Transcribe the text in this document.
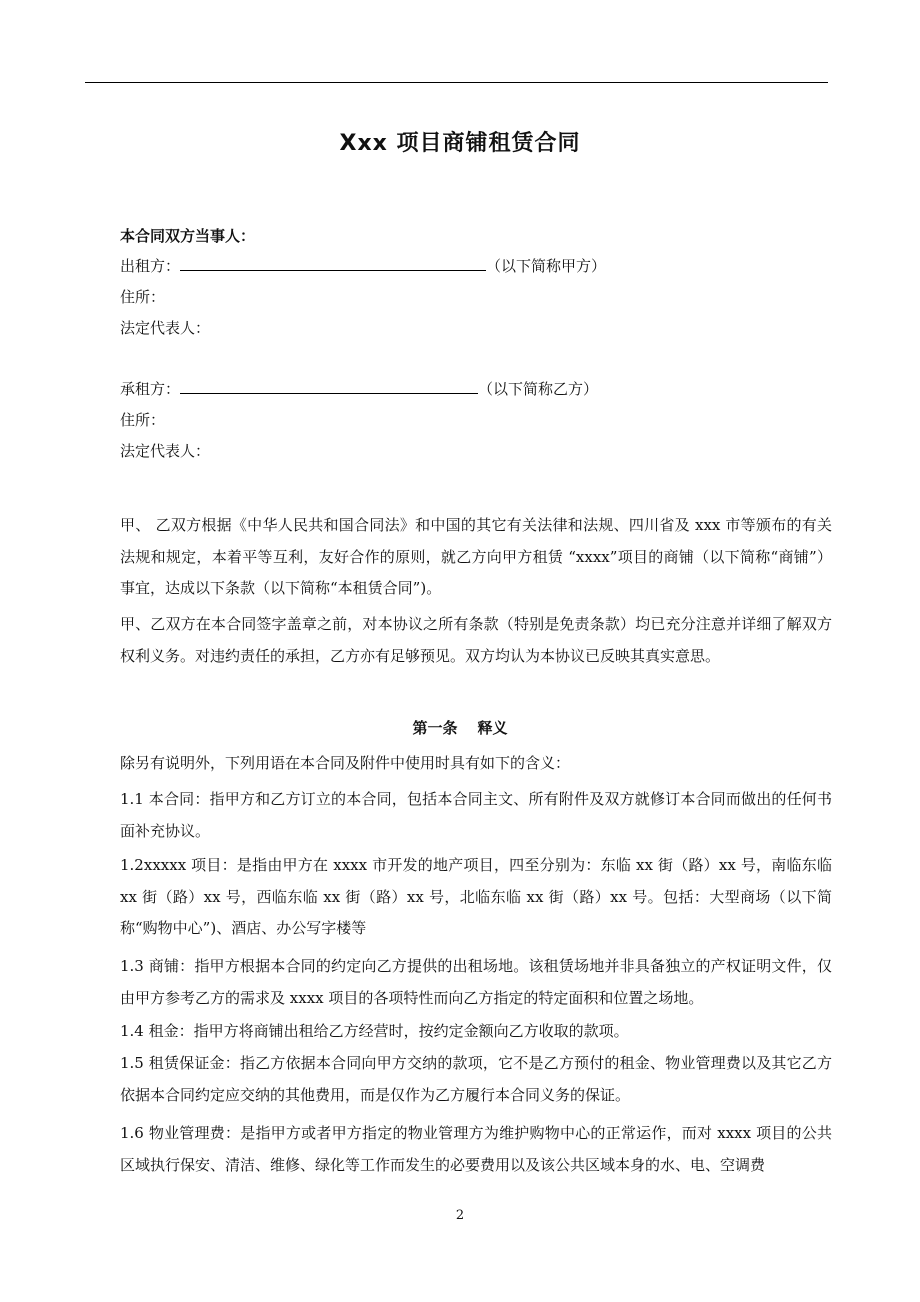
Xxx 项目商铺租赁合同
本合同双方当事人：
出租方：	（以下简称甲方）
住所：
法定代表人：
承租方：	（以下简称乙方）
住所：
法定代表人：
甲、 乙双方根据《中华人民共和国合同法》和中国的其它有关法律和法规、四川省及 xxx 市等颁布的有关法规和规定，本着平等互利，友好合作的原则，就乙方向甲方租赁 “xxxx”项目的商铺（以下简称“商铺”）事宜，达成以下条款（以下简称“本租赁合同”)。
甲、乙双方在本合同签字盖章之前，对本协议之所有条款（特别是免责条款）均已充分注意并详细了解双方权利义务。对违约责任的承担，乙方亦有足够预见。双方均认为本协议已反映其真实意思。
第一条 释义
除另有说明外，下列用语在本合同及附件中使用时具有如下的含义：
1.1 本合同：指甲方和乙方订立的本合同，包括本合同主文、所有附件及双方就修订本合同而做出的任何书面补充协议。
1.2xxxxx 项目：是指由甲方在 xxxx 市开发的地产项目，四至分别为：东临 xx 街（路）xx 号，南临东临 xx 街（路）xx 号，西临东临 xx 街（路）xx 号，北临东临 xx 街（路）xx 号。包括：大型商场（以下简称“购物中心”)、酒店、办公写字楼等
1.3 商铺：指甲方根据本合同的约定向乙方提供的出租场地。该租赁场地并非具备独立的产权证明文件，仅由甲方参考乙方的需求及 xxxx 项目的各项特性而向乙方指定的特定面积和位置之场地。
1.4 租金：指甲方将商铺出租给乙方经营时，按约定金额向乙方收取的款项。
1.5 租赁保证金：指乙方依据本合同向甲方交纳的款项，它不是乙方预付的租金、物业管理费以及其它乙方依据本合同约定应交纳的其他费用，而是仅作为乙方履行本合同义务的保证。
1.6 物业管理费：是指甲方或者甲方指定的物业管理方为维护购物中心的正常运作，而对 xxxx 项目的公共区域执行保安、清洁、维修、绿化等工作而发生的必要费用以及该公共区域本身的水、电、空调费
2
